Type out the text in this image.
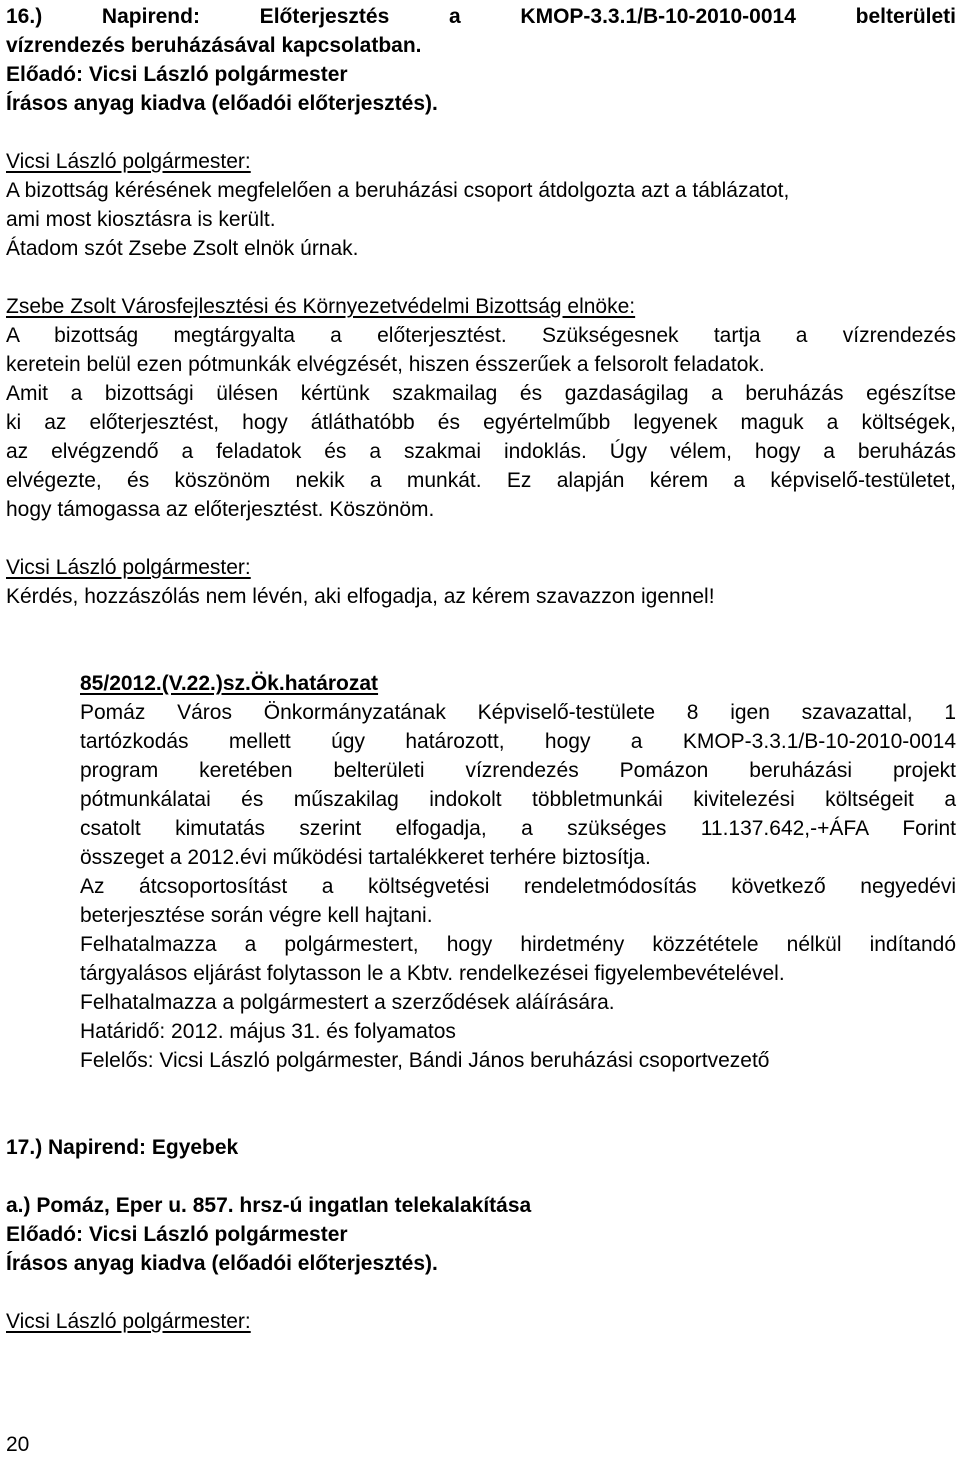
16.) Napirend: Előterjesztés a KMOP-3.3.1/B-10-2010-0014 belterületi
vízrendezés beruházásával kapcsolatban.
Előadó: Vicsi László polgármester
Írásos anyag kiadva (előadói előterjesztés).
Vicsi László polgármester:
A bizottság kérésének megfelelően a beruházási csoport átdolgozta azt a táblázatot,
ami most kiosztásra is került.
Átadom szót Zsebe Zsolt elnök úrnak.
Zsebe Zsolt Városfejlesztési és Környezetvédelmi Bizottság elnöke:
A bizottság megtárgyalta a előterjesztést. Szükségesnek tartja a vízrendezés
keretein belül ezen pótmunkák elvégzését, hiszen ésszerűek a felsorolt feladatok.
Amit a bizottsági ülésen kértünk szakmailag és gazdaságilag a beruházás egészítse
ki az előterjesztést, hogy átláthatóbb és egyértelműbb legyenek maguk a költségek,
az elvégzendő a feladatok és a szakmai indoklás. Úgy vélem, hogy a beruházás
elvégezte, és köszönöm nekik a munkát. Ez alapján kérem a képviselő-testületet,
hogy támogassa az előterjesztést. Köszönöm.
Vicsi László polgármester:
Kérdés, hozzászólás nem lévén, aki elfogadja, az kérem szavazzon igennel!
85/2012.(V.22.)sz.Ök.határozat
Pomáz Város Önkormányzatának Képviselő-testülete 8 igen szavazattal, 1
tartózkodás mellett úgy határozott, hogy a KMOP-3.3.1/B-10-2010-0014
program keretében belterületi vízrendezés Pomázon beruházási projekt
pótmunkálatai és műszakilag indokolt többletmunkái kivitelezési költségeit a
csatolt kimutatás szerint elfogadja, a szükséges 11.137.642,-+ÁFA Forint
összeget a 2012.évi működési tartalékkeret terhére biztosítja.
Az átcsoportosítást a költségvetési rendeletmódosítás következő negyedévi
beterjesztése során végre kell hajtani.
Felhatalmazza a polgármestert, hogy hirdetmény közzététele nélkül indítandó
tárgyalásos eljárást folytasson le a Kbtv. rendelkezései figyelembevételével.
Felhatalmazza a polgármestert a szerződések aláírására.
Határidő: 2012. május 31. és folyamatos
Felelős: Vicsi László polgármester, Bándi János beruházási csoportvezető
17.) Napirend: Egyebek
a.) Pomáz, Eper u. 857. hrsz-ú ingatlan telekalakítása
Előadó: Vicsi László polgármester
Írásos anyag kiadva (előadói előterjesztés).
Vicsi László polgármester:
20
